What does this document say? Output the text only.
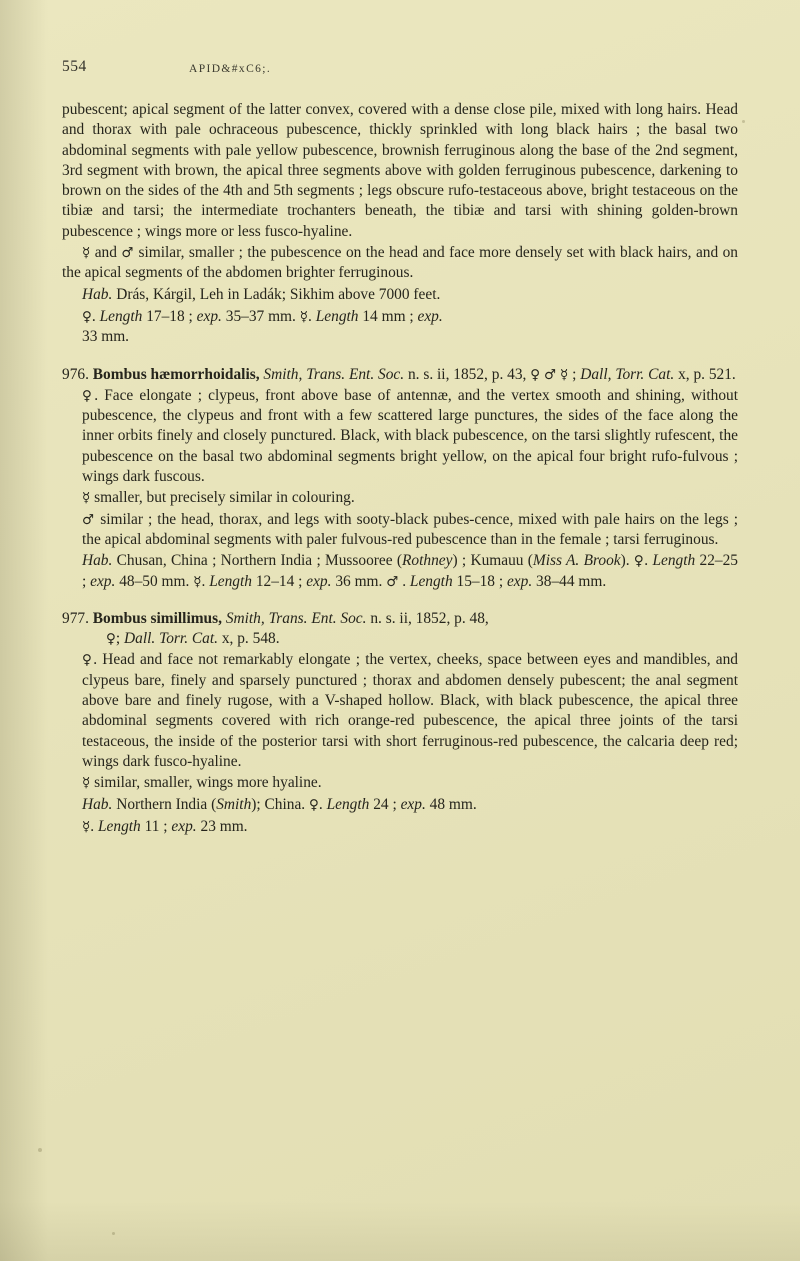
554	APID&#xC6;.

pubescent; apical segment of the latter convex, covered with a dense close pile, mixed with long hairs. Head and thorax with pale ochraceous pubescence, thickly sprinkled with long black hairs ; the basal two abdominal segments with pale yellow pubescence, brownish ferruginous along the base of the 2nd segment, 3rd segment with brown, the apical three segments above with golden ferruginous pubescence, darkening to brown on the sides of the 4th and 5th segments ; legs obscure rufo-testaceous above, bright testaceous on the tibiæ and tarsi; the intermediate trochanters beneath, the tibiæ and tarsi with shining golden-brown pubescence ; wings more or less fusco-hyaline.

☿ and ♂ similar, smaller ; the pubescence on the head and face more densely set with black hairs, and on the apical segments of the abdomen brighter ferruginous.

Hab. Drás, Kárgil, Leh in Ladák; Sikhim above 7000 feet.

♀. Length 17–18 ; exp. 35–37 mm. ☿. Length 14 mm ; exp.
33 mm.

976. Bombus hæmorrhoidalis, Smith, Trans. Ent. Soc. n. s. ii, 1852, p. 43, ♀ ♂ ☿ ; Dall, Torr. Cat. x, p. 521.

♀. Face elongate ; clypeus, front above base of antennæ, and the vertex smooth and shining, without pubescence, the clypeus and front with a few scattered large punctures, the sides of the face along the inner orbits finely and closely punctured. Black, with black pubescence, on the tarsi slightly rufescent, the pubescence on the basal two abdominal segments bright yellow, on the apical four bright rufo-fulvous ; wings dark fuscous.

☿ smaller, but precisely similar in colouring.

♂ similar ; the head, thorax, and legs with sooty-black pubes-cence, mixed with pale hairs on the legs ; the apical abdominal segments with paler fulvous-red pubescence than in the female ; tarsi ferruginous.

Hab. Chusan, China ; Northern India ; Mussooree (Rothney) ; Kumauu (Miss A. Brook). ♀. Length 22–25 ; exp. 48–50 mm. ☿. Length 12–14 ; exp. 36 mm. ♂ . Length 15–18 ; exp. 38–44 mm.

977. Bombus simillimus, Smith, Trans. Ent. Soc. n. s. ii, 1852, p. 48,
♀; Dall. Torr. Cat. x, p. 548.

♀. Head and face not remarkably elongate ; the vertex, cheeks, space between eyes and mandibles, and clypeus bare, finely and sparsely punctured ; thorax and abdomen densely pubescent; the anal segment above bare and finely rugose, with a V-shaped hollow. Black, with black pubescence, the apical three abdominal segments covered with rich orange-red pubescence, the apical three joints of the tarsi testaceous, the inside of the posterior tarsi with short ferruginous-red pubescence, the calcaria deep red; wings dark fusco-hyaline.

☿ similar, smaller, wings more hyaline.

Hab. Northern India (Smith); China. ♀. Length 24 ; exp. 48 mm.

☿. Length 11 ; exp. 23 mm.
